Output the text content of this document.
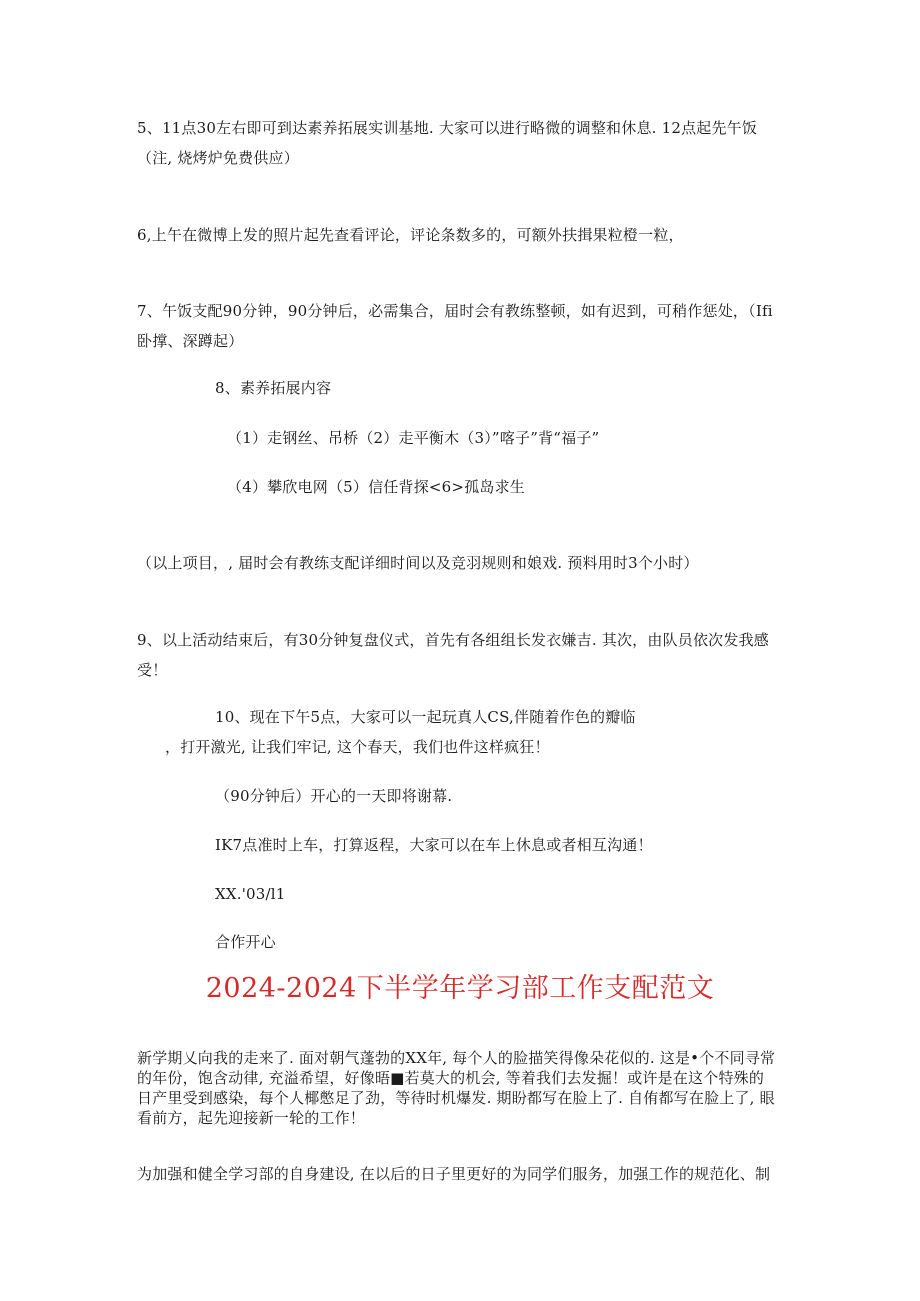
5、11点30左右即可到达素养拓展实训基地. 大家可以进行略微的调整和休息. 12点起先午饭
（注, 烧烤炉免费供应）
6,上午在微博上发的照片起先查看评论，评论条数多的，可额外扶揖果粒橙一粒，
7、午饭支配90分钟，90分钟后，必需集合，届时会有教练整顿，如有迟到，可稍作惩处，（Ifi
卧撑、深蹲起）
8、素养拓展内容
（1）走钢丝、吊桥（2）走平衡木（3）”喀子”背“福子”
（4）攀欣电网（5）信任背探<6>孤岛求生
（以上项目，, 届时会有教练支配详细时间以及竞羽规则和娘戏. 预料用时3个小时）
9、以上活动结束后，有30分钟复盘仪式，首先有各组组长发衣嫌吉. 其次，由队员依次发我感
受！
10、现在下午5点，大家可以一起玩真人CS,伴随着作色的瓣临
，打开激光, 让我们牢记, 这个春天，我们也件这样疯狂！
（90分钟后）开心的一天即将谢幕.
IK7点准时上车，打算返程，大家可以在车上休息或者相互沟通！
XX.'03/l1
合作开心
2024-2024下半学年学习部工作支配范文
新学期乂向我的走来了. 面对朝气蓬勃的XX年, 每个人的脸描笑得像朵花似的. 这是•个不同寻常
的年份，饱含动律, 充溢希望，好像晤■若莫大的机会, 等着我们去发掘！或许是在这个特殊的
日产里受到感染，每个人椰憋足了劲，等待时机爆发. 期盼都写在脸上了. 自侑都写在脸上了, 眼
看前方，起先迎接新一轮的工作！
为加强和健全学习部的自身建设, 在以后的日子里更好的为同学们服务，加强工作的规范化、制
